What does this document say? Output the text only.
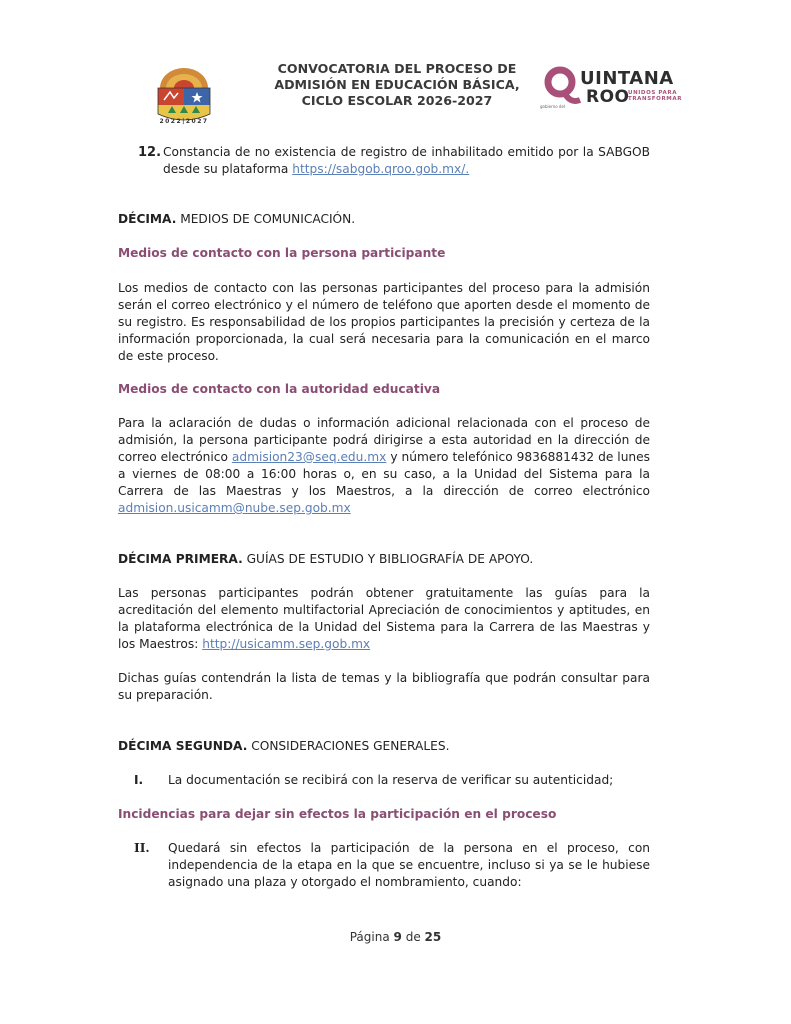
2022|2027
CONVOCATORIA DEL PROCESO DE
ADMISIÓN EN EDUCACIÓN BÁSICA,
CICLO ESCOLAR 2026-2027
UINTANA
ROO
UNIDOS PARA
TRANSFORMAR
gobierno del
12. Constancia de no existencia de registro de inhabilitado emitido por la SABGOB desde su plataforma https://sabgob.qroo.gob.mx/.
DÉCIMA. MEDIOS DE COMUNICACIÓN.
Medios de contacto con la persona participante
Los medios de contacto con las personas participantes del proceso para la admisión serán el correo electrónico y el número de teléfono que aporten desde el momento de su registro. Es responsabilidad de los propios participantes la precisión y certeza de la información proporcionada, la cual será necesaria para la comunicación en el marco de este proceso.
Medios de contacto con la autoridad educativa
Para la aclaración de dudas o información adicional relacionada con el proceso de admisión, la persona participante podrá dirigirse a esta autoridad en la dirección de correo electrónico admision23@seq.edu.mx y número telefónico 9836881432 de lunes a viernes de 08:00 a 16:00 horas o, en su caso, a la Unidad del Sistema para la Carrera de las Maestras y los Maestros, a la dirección de correo electrónico
admision.usicamm@nube.sep.gob.mx
DÉCIMA PRIMERA. GUÍAS DE ESTUDIO Y BIBLIOGRAFÍA DE APOYO.
Las personas participantes podrán obtener gratuitamente las guías para la acreditación del elemento multifactorial Apreciación de conocimientos y aptitudes, en la plataforma electrónica de la Unidad del Sistema para la Carrera de las Maestras y los Maestros: http://usicamm.sep.gob.mx
Dichas guías contendrán la lista de temas y la bibliografía que podrán consultar para su preparación.
DÉCIMA SEGUNDA. CONSIDERACIONES GENERALES.
I. La documentación se recibirá con la reserva de verificar su autenticidad;
Incidencias para dejar sin efectos la participación en el proceso
II. Quedará sin efectos la participación de la persona en el proceso, con independencia de la etapa en la que se encuentre, incluso si ya se le hubiese asignado una plaza y otorgado el nombramiento, cuando:
Página 9 de 25
